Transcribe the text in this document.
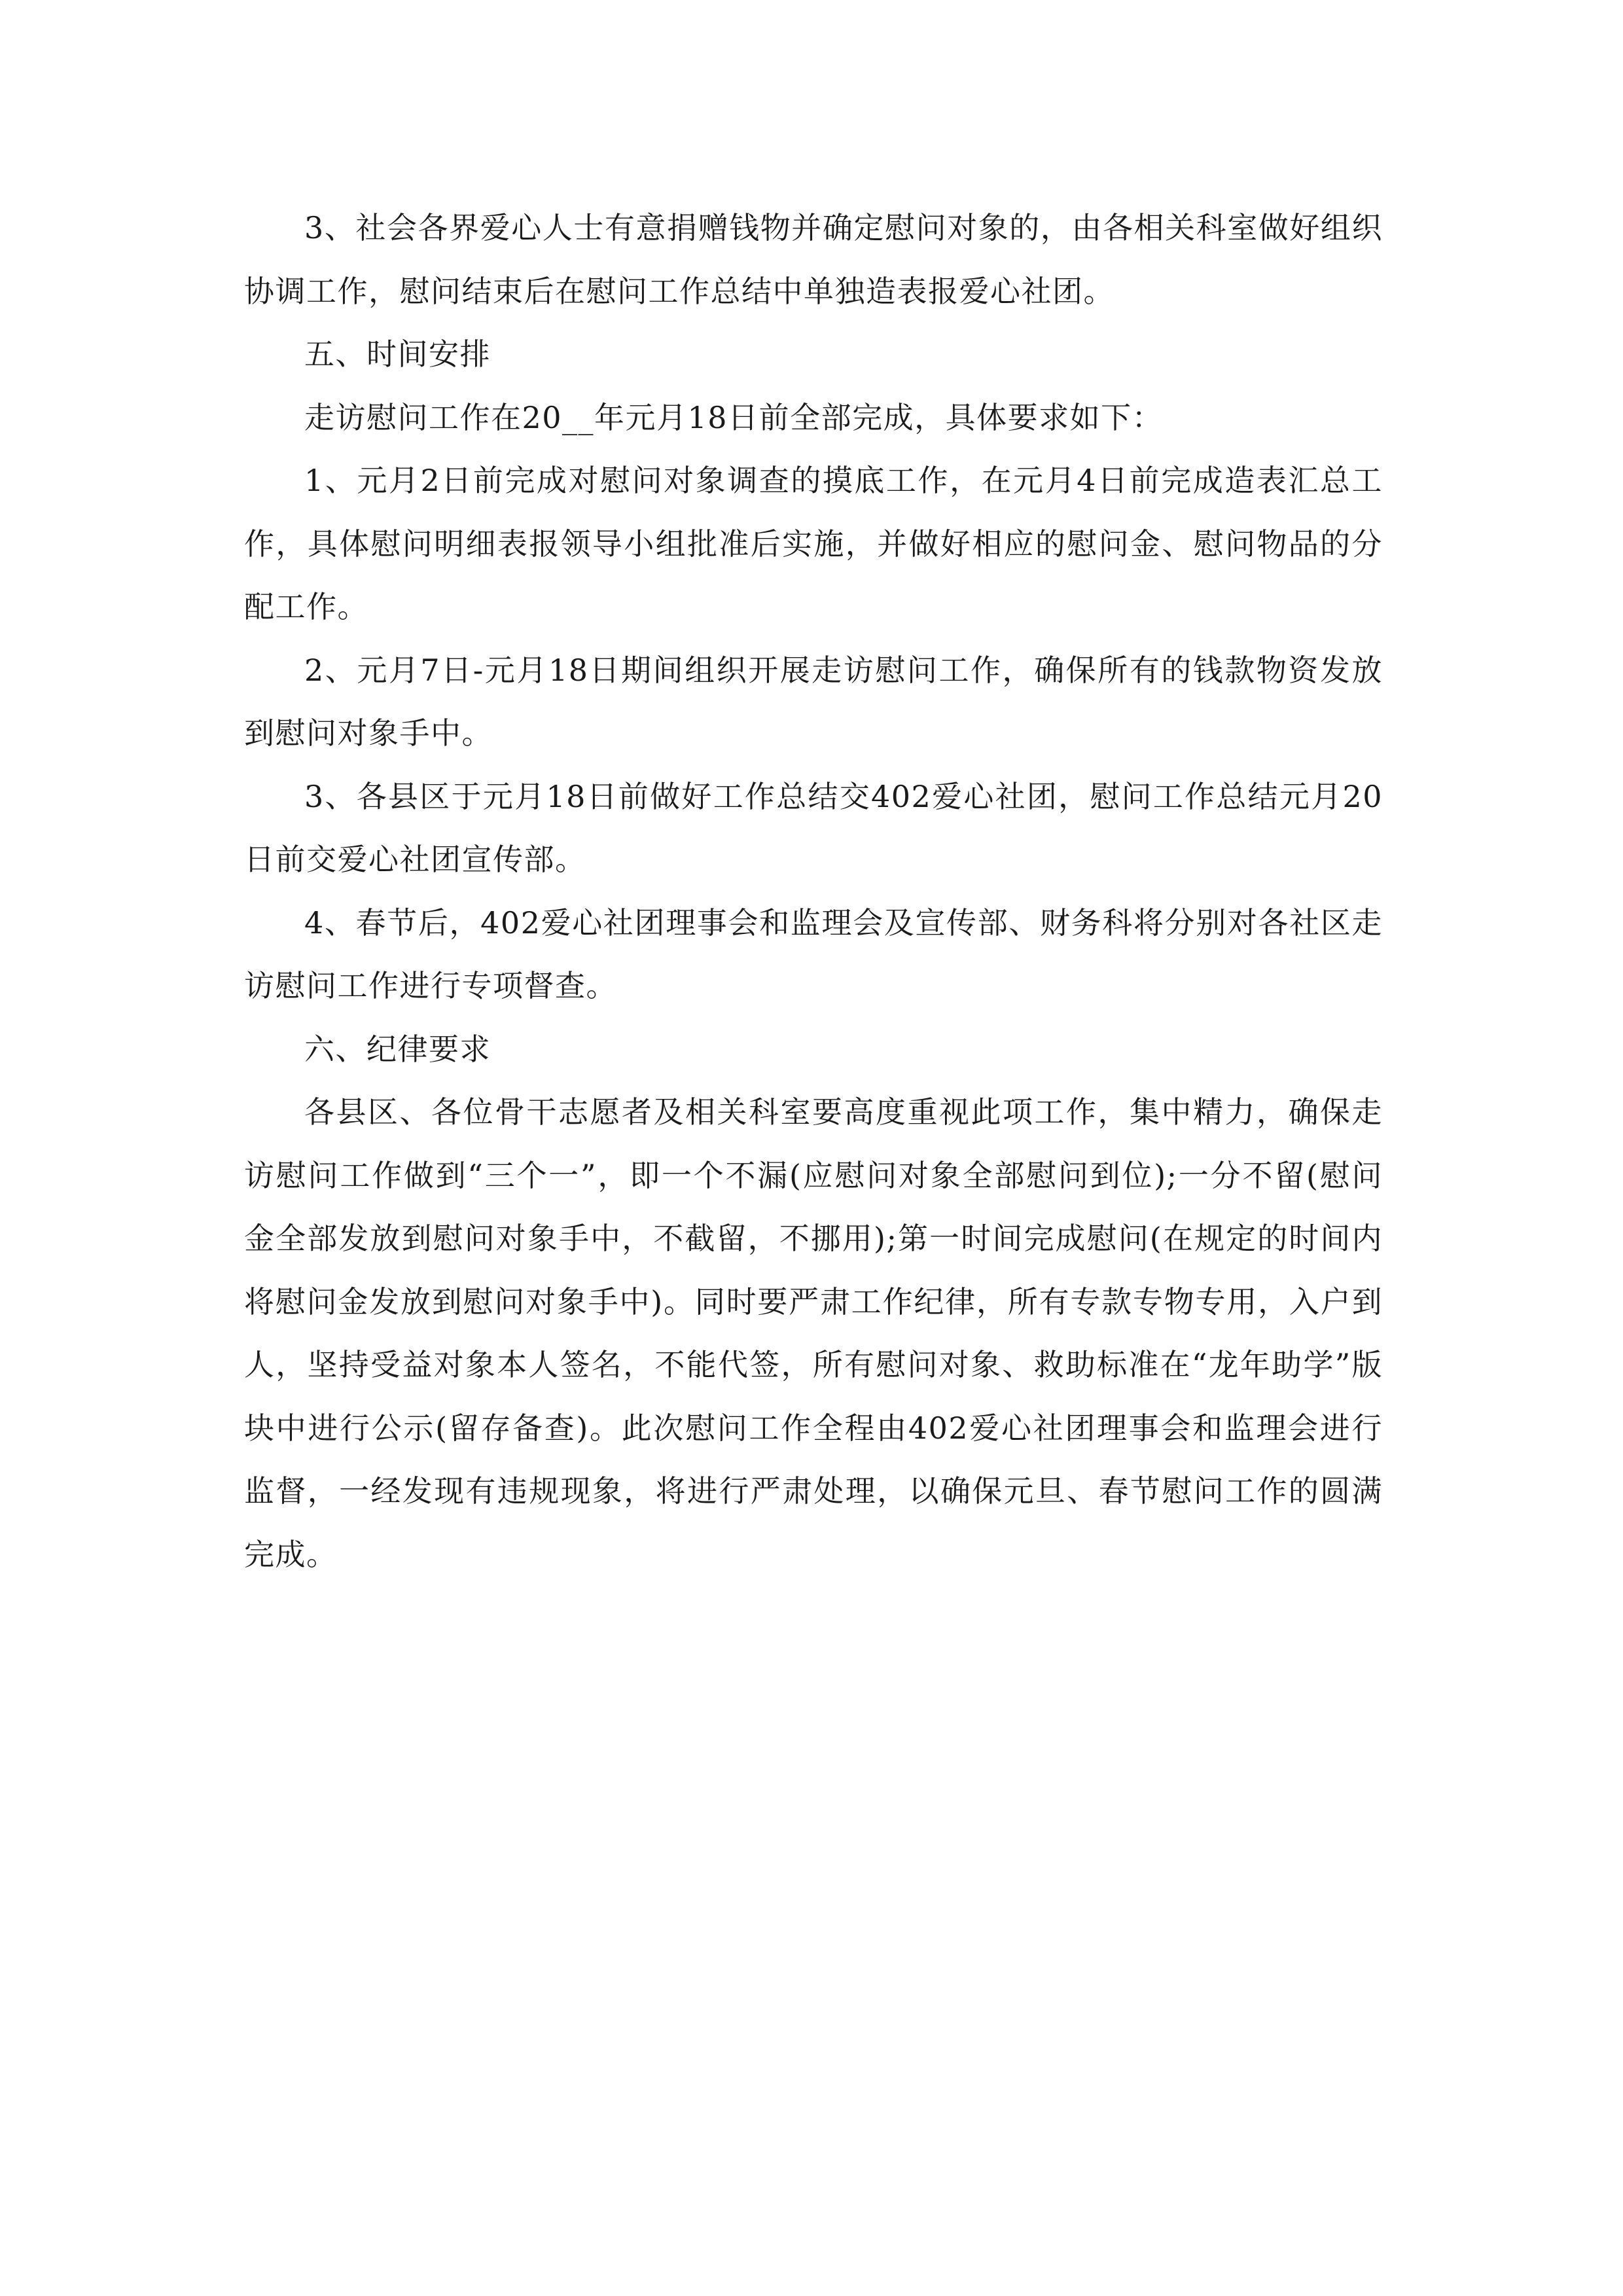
3、社会各界爱心人士有意捐赠钱物并确定慰问对象的，由各相关科室做好组织协调工作，慰问结束后在慰问工作总结中单独造表报爱心社团。

五、时间安排

走访慰问工作在20__年元月18日前全部完成，具体要求如下：

1、元月2日前完成对慰问对象调查的摸底工作，在元月4日前完成造表汇总工作，具体慰问明细表报领导小组批准后实施，并做好相应的慰问金、慰问物品的分配工作。

2、元月7日-元月18日期间组织开展走访慰问工作，确保所有的钱款物资发放到慰问对象手中。

3、各县区于元月18日前做好工作总结交402爱心社团，慰问工作总结元月20日前交爱心社团宣传部。

4、春节后，402爱心社团理事会和监理会及宣传部、财务科将分别对各社区走访慰问工作进行专项督查。

六、纪律要求

各县区、各位骨干志愿者及相关科室要高度重视此项工作，集中精力，确保走访慰问工作做到“三个一”，即一个不漏(应慰问对象全部慰问到位);一分不留(慰问金全部发放到慰问对象手中，不截留，不挪用);第一时间完成慰问(在规定的时间内将慰问金发放到慰问对象手中)。同时要严肃工作纪律，所有专款专物专用，入户到人，坚持受益对象本人签名，不能代签，所有慰问对象、救助标准在“龙年助学”版块中进行公示(留存备查)。此次慰问工作全程由402爱心社团理事会和监理会进行监督，一经发现有违规现象，将进行严肃处理，以确保元旦、春节慰问工作的圆满完成。
